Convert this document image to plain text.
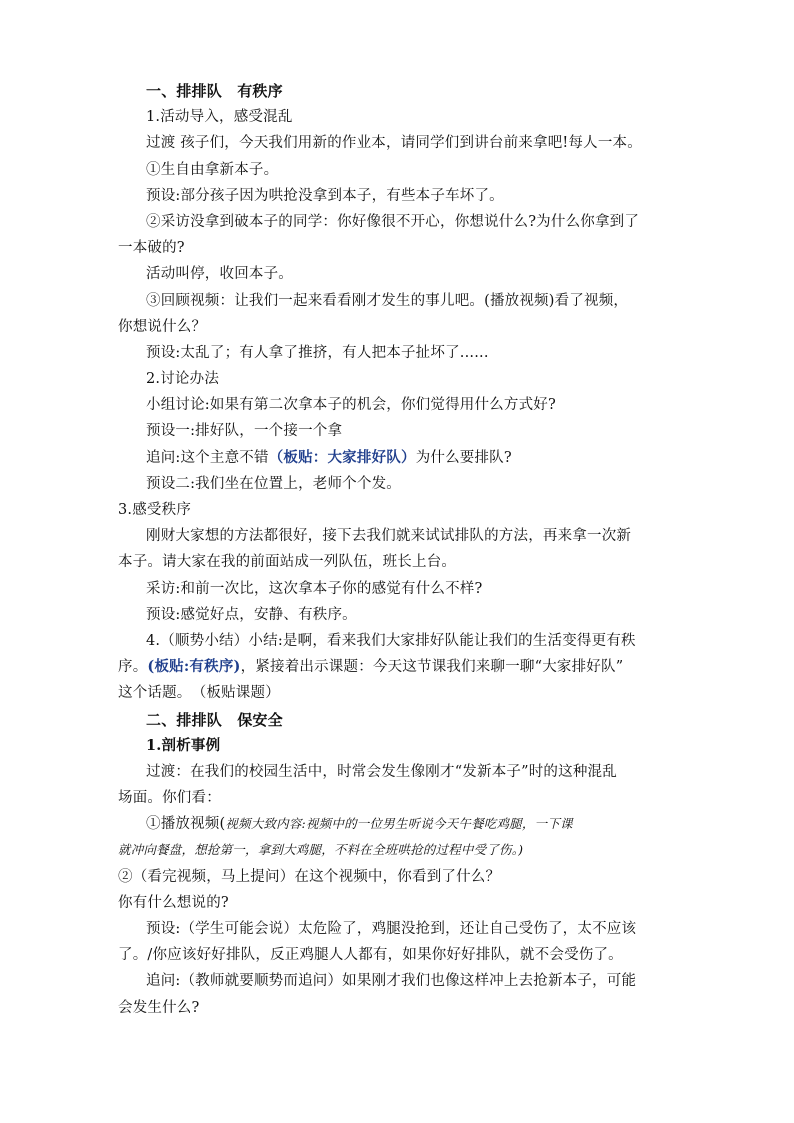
一、排排队　有秩序
1.活动导入，感受混乱
过渡 孩子们，今天我们用新的作业本，请同学们到讲台前来拿吧!每人一本。
①生自由拿新本子。
预设:部分孩子因为哄抢没拿到本子，有些本子车坏了。
②采访没拿到破本子的同学：你好像很不开心，你想说什么?为什么你拿到了
一本破的?
活动叫停，收回本子。
③回顾视频：让我们一起来看看刚才发生的事儿吧。(播放视频)看了视频，
你想说什么？
预设:太乱了；有人拿了推挤，有人把本子扯坏了......
2.讨论办法
小组讨论:如果有第二次拿本子的机会，你们觉得用什么方式好?
预设一:排好队，一个接一个拿
追问:这个主意不错（板贴：大家排好队）为什么要排队?
预设二:我们坐在位置上，老师个个发。
3.感受秩序
刚财大家想的方法都很好，接下去我们就来试试排队的方法，再来拿一次新
本子。请大家在我的前面站成一列队伍，班长上台。
采访:和前一次比，这次拿本子你的感觉有什么不样?
预设:感觉好点，安静、有秩序。
4.（顺势小结）小结:是啊，看来我们大家排好队能让我们的生活变得更有秩
序。(板贴:有秩序)，紧接着出示课题：今天这节课我们来聊一聊“大家排好队”
这个话题。　（板贴课题）
二、排排队　保安全
1.剖析事例
过渡：在我们的校园生活中，时常会发生像刚才“发新本子”时的这种混乱
场面。你们看：
①播放视频(视频大致内容:视频中的一位男生听说今天午餐吃鸡腿，一下课
就冲向餐盘，想抢第一，拿到大鸡腿，不料在全班哄抢的过程中受了伤。)
②（看完视频，马上提问）在这个视频中，你看到了什么？
你有什么想说的?
预设:（学生可能会说）太危险了，鸡腿没抢到，还让自己受伤了，太不应该
了。/你应该好好排队，反正鸡腿人人都有，如果你好好排队，就不会受伤了。
追问:（教师就要顺势而追问）如果刚才我们也像这样冲上去抢新本子，可能
会发生什么?
